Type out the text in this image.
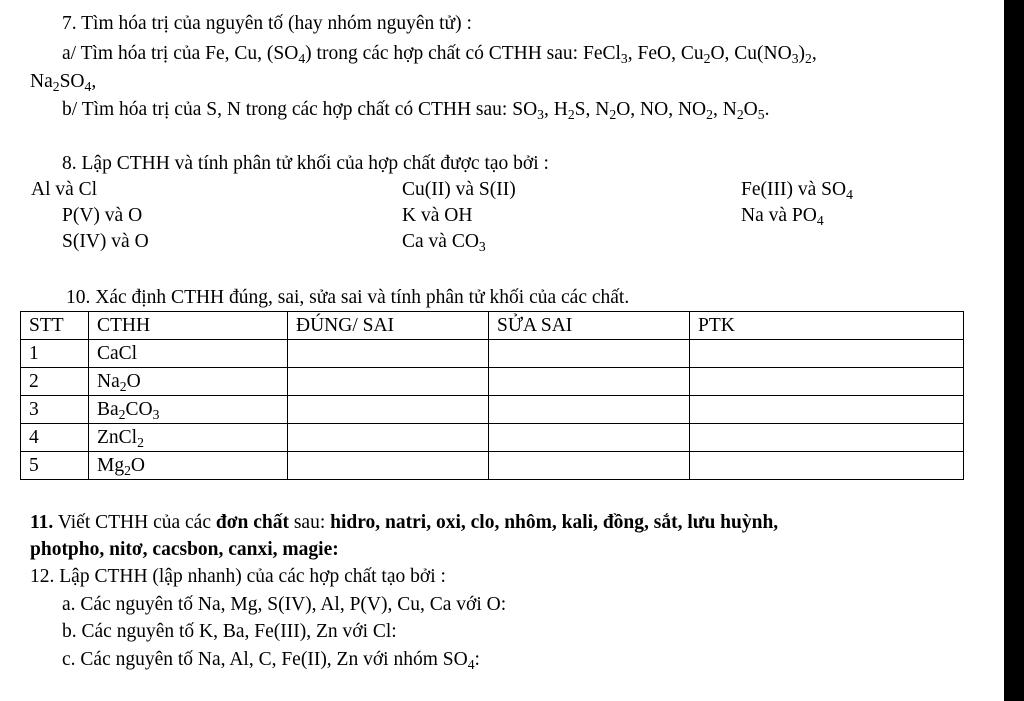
7. Tìm hóa trị của nguyên tố (hay nhóm nguyên tử) :
a/ Tìm hóa trị của Fe, Cu, $(SO_4)$ trong các hợp chất có CTHH sau: FeCl$_3$, FeO, $Cu_2O$, $Cu(NO_3)_2$,
$Na_2SO_4$,
b/ Tìm hóa trị của S, N trong các hợp chất có CTHH sau: $SO_3$, $H_2S$, $N_2O$, NO, $NO_2$, $N_2O_5$.
8. Lập CTHH và tính phân tử khối của hợp chất được tạo bởi :
Al và Cl	Cu(II) và S(II)	Fe(III) và $SO_4$
P(V) và O	K và OH	Na và $PO_4$
S(IV) và O	Ca và $CO_3$
10. Xác định CTHH đúng, sai, sửa sai và tính phân tử khối của các chất.
STT	CTHH	ĐÚNG/ SAI	SỬA SAI	PTK
1	CaCl			
2	$Na_2O$			
3	$Ba_2CO_3$			
4	ZnCl$_2$			
5	$Mg_2O$			
11. Viết CTHH của các đơn chất sau: hidro, natri, oxi, clo, nhôm, kali, đồng, sắt, lưu huỳnh,
photpho, nitơ, cacsbon, canxi, magie:
12. Lập CTHH (lập nhanh) của các hợp chất tạo bởi :
a. Các nguyên tố Na, Mg, S(IV), Al, P(V), Cu, Ca với O:
b. Các nguyên tố K, Ba, Fe(III), Zn với Cl:
c. Các nguyên tố Na, Al, C, Fe(II), Zn với nhóm $SO_4$:
